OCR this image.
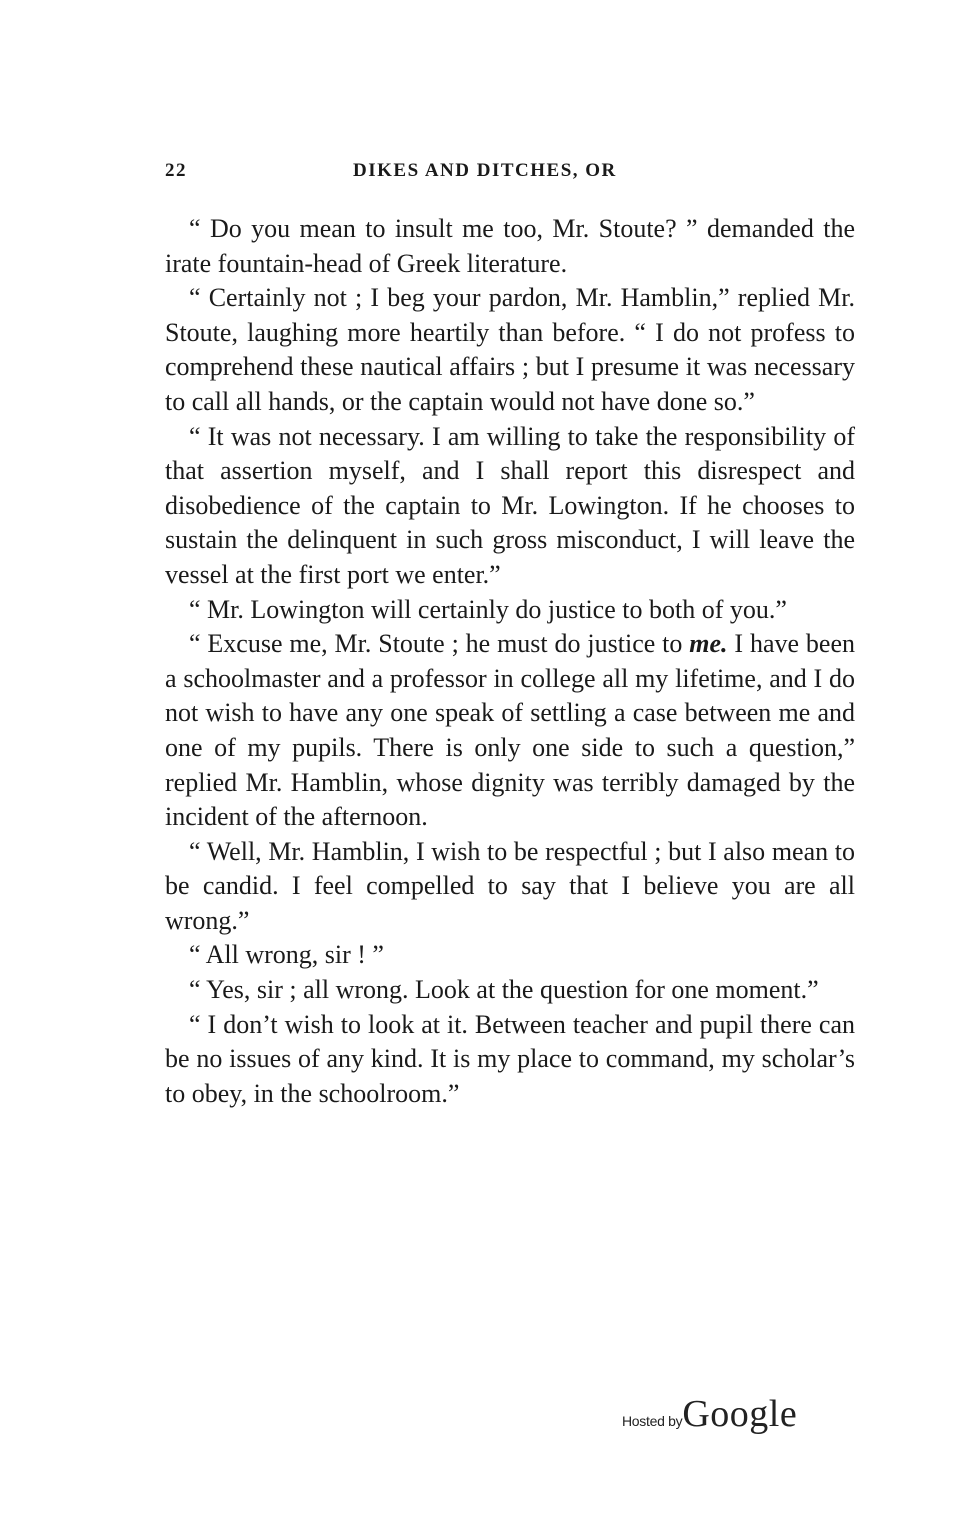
22	DIKES AND DITCHES, OR

“ Do you mean to insult me too, Mr. Stoute? ” demanded the irate fountain-head of Greek literature.

“ Certainly not ; I beg your pardon, Mr. Hamblin,” replied Mr. Stoute, laughing more heartily than before. “ I do not profess to comprehend these nautical affairs ; but I presume it was necessary to call all hands, or the captain would not have done so.”

“ It was not necessary. I am willing to take the responsibility of that assertion myself, and I shall report this disrespect and disobedience of the captain to Mr. Lowington. If he chooses to sustain the delinquent in such gross misconduct, I will leave the vessel at the first port we enter.”

“ Mr. Lowington will certainly do justice to both of you.”

“ Excuse me, Mr. Stoute ; he must do justice to me. I have been a schoolmaster and a professor in college all my lifetime, and I do not wish to have any one speak of settling a case between me and one of my pupils. There is only one side to such a question,” replied Mr. Hamblin, whose dignity was terribly damaged by the incident of the afternoon.

“ Well, Mr. Hamblin, I wish to be respectful ; but I also mean to be candid. I feel compelled to say that I believe you are all wrong.”

“ All wrong, sir ! ”

“ Yes, sir ; all wrong. Look at the question for one moment.”

“ I don’t wish to look at it. Between teacher and pupil there can be no issues of any kind. It is my place to command, my scholar’s to obey, in the schoolroom.”

Hosted byGoogle
